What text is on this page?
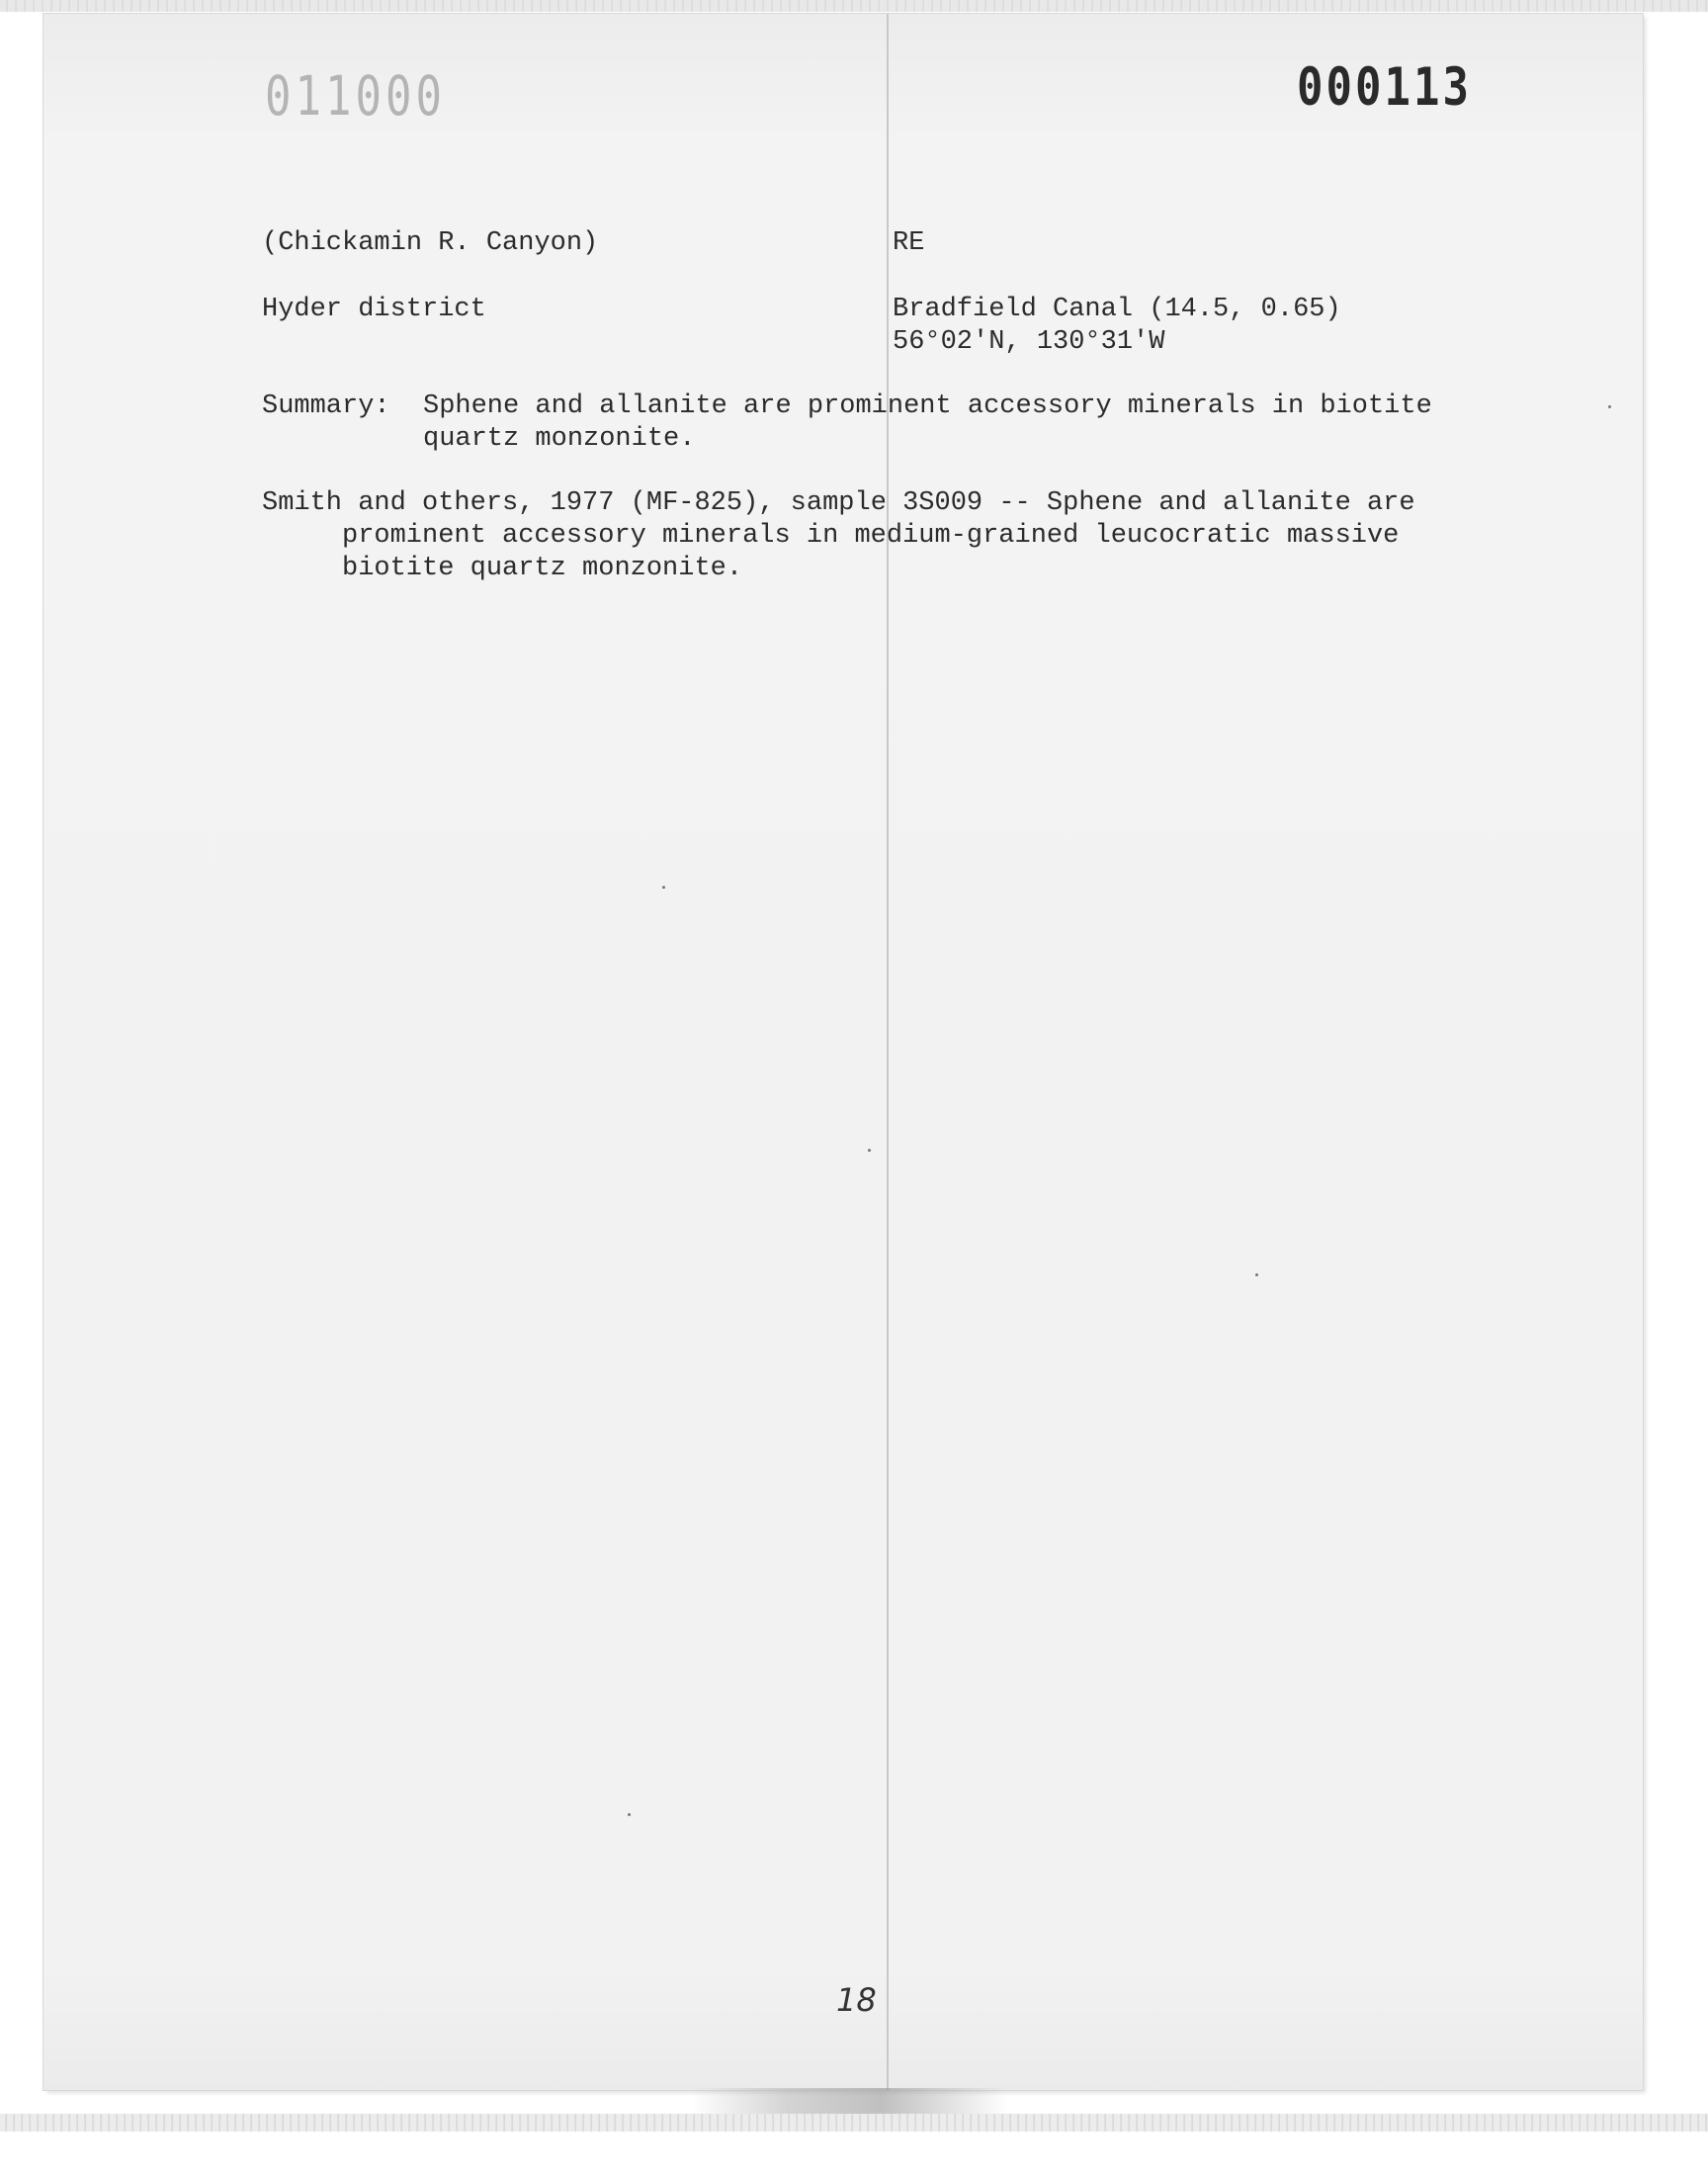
011000	000113
(Chickamin R. Canyon)	RE
Hyder district	Bradfield Canal (14.5, 0.65)
56°02'N, 130°31'W
Summary: Sphene and allanite are prominent accessory minerals in biotite
quartz monzonite.
Smith and others, 1977 (MF-825), sample 3S009 -- Sphene and allanite are
prominent accessory minerals in medium-grained leucocratic massive
biotite quartz monzonite.
18
